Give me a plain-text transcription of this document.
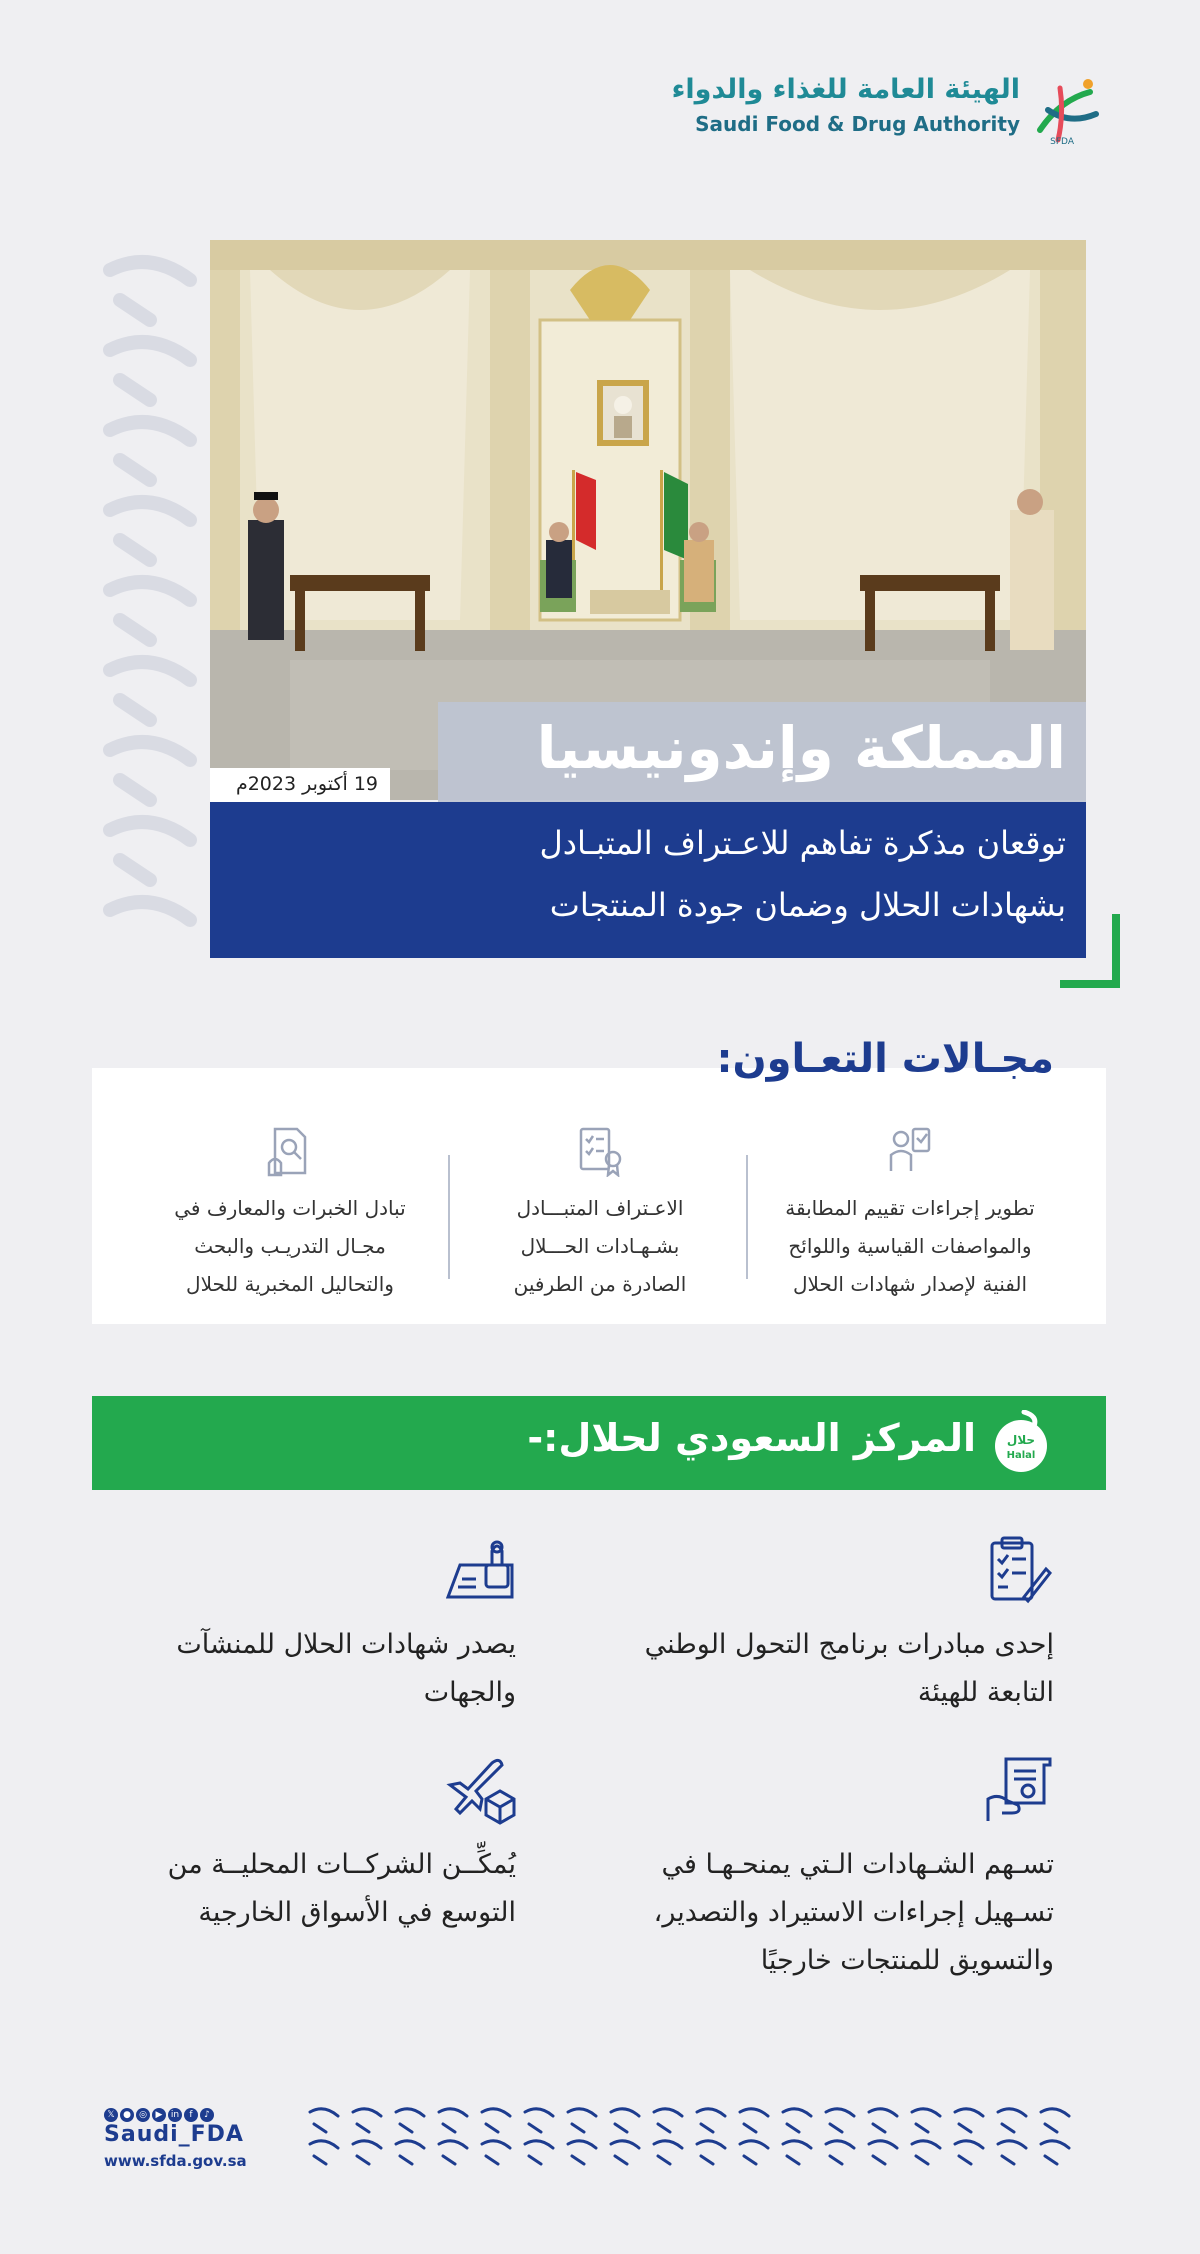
الهيئة العامة للغذاء والدواء
Saudi Food & Drug Authority
SFDA
المملكة وإندونيسيا
19 أكتوبر 2023م
توقعان مذكرة تفاهم للاعـتراف المتبـادل
بشهادات الحلال وضمان جودة المنتجات
مجـالات التعـاون:
تطوير إجراءات تقييم المطابقة
والمواصفات القياسية واللوائح
الفنية لإصدار شهادات الحلال
الاعـتراف المتبـــادل
بشـهـادات الحـــلال
الصادرة من الطرفين
تبادل الخبرات والمعارف في
مجـال التدريـب والبحث
والتحاليل المخبرية للحلال
المركز السعودي لحلال:-	حلال
Halal
إحدى مبادرات برنامج التحول الوطني
التابعة للهيئة
يصدر شهادات الحلال للمنشآت
والجهات
تسـهم الشـهادات الـتي يمنحـهـا في
تسـهيل إجراءات الاستيراد والتصدير،
والتسويق للمنتجات خارجيًا
يُمكِّــن الشركــات المحليــة من
التوسع في الأسواق الخارجية
𝕏 ● ◎ ▶ in f ♪
Saudi_FDA
www.sfda.gov.sa
